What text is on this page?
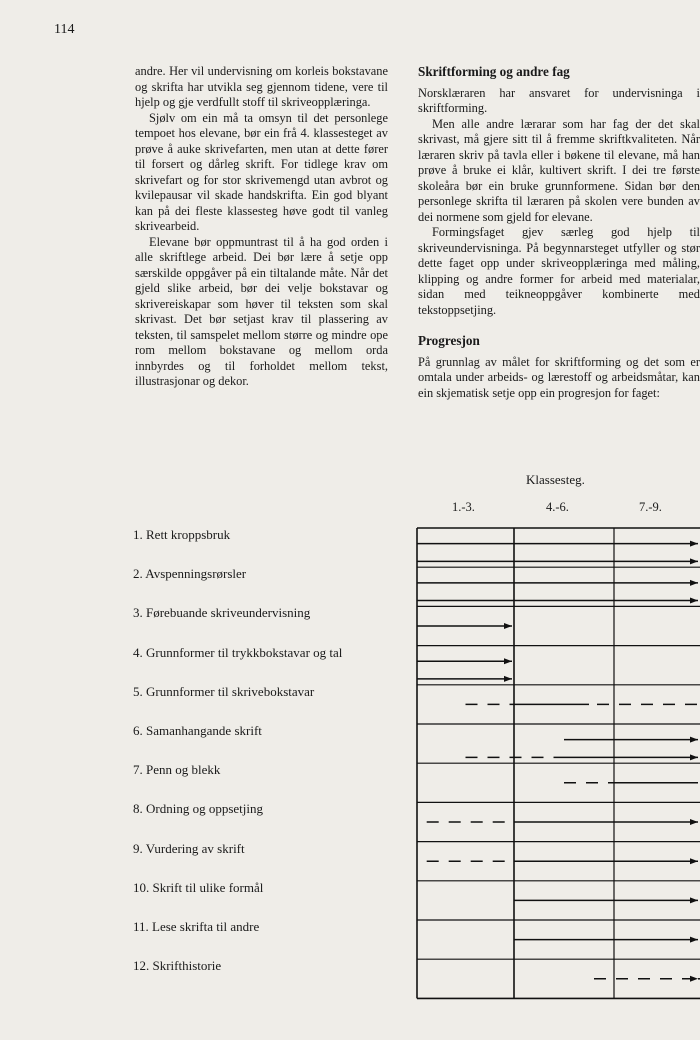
114

andre. Her vil undervisning om korleis bokstavane og skrifta har utvikla seg gjennom tidene, vere til hjelp og gje verdfullt stoff til skriveopplæringa.

Sjølv om ein må ta omsyn til det personlege tempoet hos elevane, bør ein frå 4. klassesteget av prøve å auke skrivefarten, men utan at dette fører til forsert og dårleg skrift. For tidlege krav om skrivefart og for stor skrivemengd utan avbrot og kvilepausar vil skade handskrifta. Ein god blyant kan på dei fleste klassesteg høve godt til vanleg skrivearbeid.

Elevane bør oppmuntrast til å ha god orden i alle skriftlege arbeid. Dei bør lære å setje opp særskilde oppgåver på ein tiltalande måte. Når det gjeld slike arbeid, bør dei velje bokstavar og skrivereiskapar som høver til teksten som skal skrivast. Det bør setjast krav til plassering av teksten, til samspelet mellom større og mindre ope rom mellom bokstavane og mellom orda innbyrdes og til forholdet mellom tekst, illustrasjonar og dekor.

Skriftforming og andre fag

Norsklæraren har ansvaret for undervisninga i skriftforming.

Men alle andre lærarar som har fag der det skal skrivast, må gjere sitt til å fremme skriftkvaliteten. Når læraren skriv på tavla eller i bøkene til elevane, må han prøve å bruke ei klår, kultivert skrift. I dei tre første skoleåra bør ein bruke grunnformene. Sidan bør den personlege skrifta til læraren på skolen vere bunden av dei normene som gjeld for elevane.

Formingsfaget gjev særleg god hjelp til skriveundervisninga. På begynnarsteget utfyller og stør dette faget opp under skriveopplæringa med måling, klipping og andre former for arbeid med materialar, sidan med teikneoppgåver kombinerte med tekstoppsetjing.

Progresjon

På grunnlag av målet for skriftforming og det som er omtala under arbeids- og lærestoff og arbeidsmåtar, kan ein skjematisk setje opp ein progresjon for faget:

Klassesteg.
1.-3.	4.-6.	7.-9.
1. Rett kroppsbruk
2. Avspenningsrørsler
3. Førebuande skriveundervisning
4. Grunnformer til trykkbokstavar og tal
5. Grunnformer til skrivebokstavar
6. Samanhangande skrift
7. Penn og blekk
8. Ordning og oppsetjing
9. Vurdering av skrift
10. Skrift til ulike formål
11. Lese skrifta til andre
12. Skrifthistorie
